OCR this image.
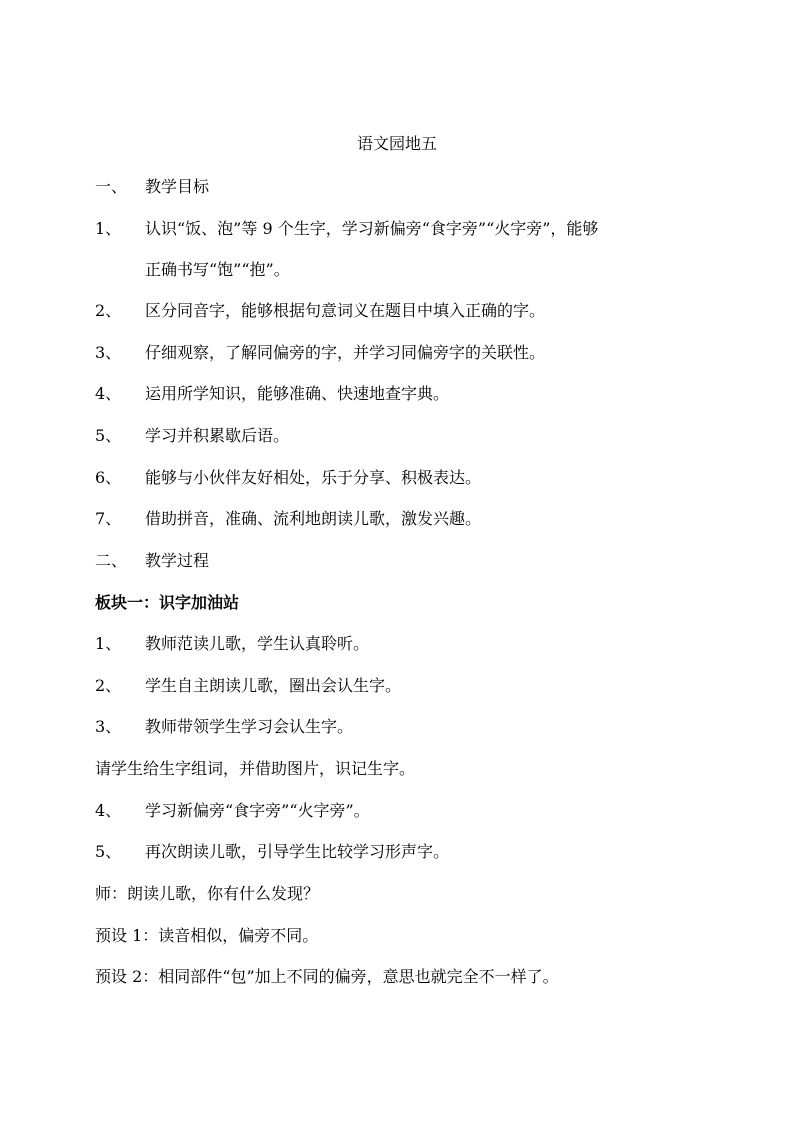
语文园地五
一、 教学目标
1、 认识“饭、泡”等 9 个生字，学习新偏旁“食字旁”“火字旁”，能够
正确书写“饱”“抱”。
2、 区分同音字，能够根据句意词义在题目中填入正确的字。
3、 仔细观察，了解同偏旁的字，并学习同偏旁字的关联性。
4、 运用所学知识，能够准确、快速地查字典。
5、 学习并积累歇后语。
6、 能够与小伙伴友好相处，乐于分享、积极表达。
7、 借助拼音，准确、流利地朗读儿歌，激发兴趣。
二、 教学过程
板块一：识字加油站
1、 教师范读儿歌，学生认真聆听。
2、 学生自主朗读儿歌，圈出会认生字。
3、 教师带领学生学习会认生字。
请学生给生字组词，并借助图片，识记生字。
4、 学习新偏旁“食字旁”“火字旁”。
5、 再次朗读儿歌，引导学生比较学习形声字。
师：朗读儿歌，你有什么发现？
预设 1：读音相似，偏旁不同。
预设 2：相同部件“包”加上不同的偏旁，意思也就完全不一样了。
